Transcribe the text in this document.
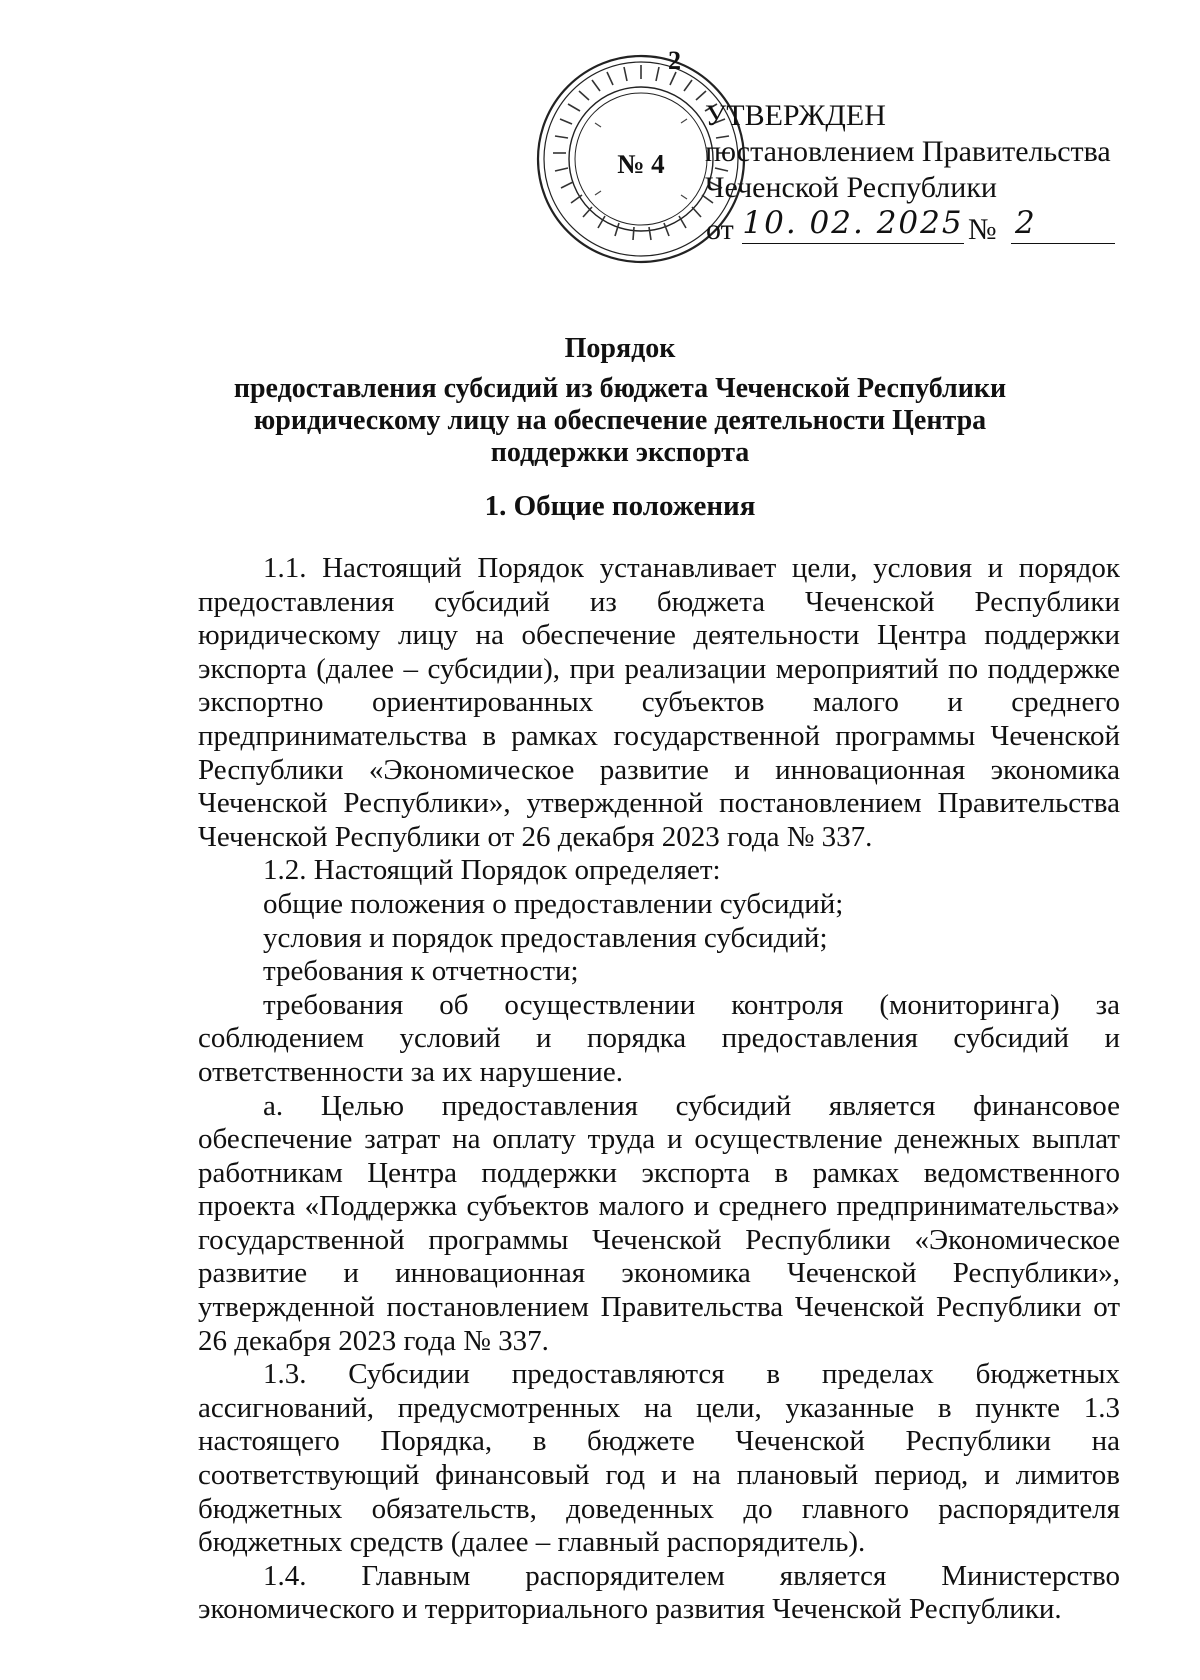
№ 4
2
УТВЕРЖДЕН
постановлением Правительства
Чеченской Республики
от 10. 02. 2025 № 2
Порядок
предоставления субсидий из бюджета Чеченской Республики
юридическому лицу на обеспечение деятельности Центра
поддержки экспорта
1. Общие положения

1.1. Настоящий Порядок устанавливает цели, условия и порядок предоставления субсидий из бюджета Чеченской Республики юридическому лицу на обеспечение деятельности Центра поддержки экспорта (далее – субсидии), при реализации мероприятий по поддержке экспортно ориентированных субъектов малого и среднего предпринимательства в рамках государственной программы Чеченской Республики «Экономическое развитие и инновационная экономика Чеченской Республики», утвержденной постановлением Правительства Чеченской Республики от 26 декабря 2023 года № 337.

1.2. Настоящий Порядок определяет:

общие положения о предоставлении субсидий;

условия и порядок предоставления субсидий;

требования к отчетности;

требования об осуществлении контроля (мониторинга) за соблюдением условий и порядка предоставления субсидий и ответственности за их нарушение.

а. Целью предоставления субсидий является финансовое обеспечение затрат на оплату труда и осуществление денежных выплат работникам Центра поддержки экспорта в рамках ведомственного проекта «Поддержка субъектов малого и среднего предпринимательства» государственной программы Чеченской Республики «Экономическое развитие и инновационная экономика Чеченской Республики», утвержденной постановлением Правительства Чеченской Республики от 26 декабря 2023 года № 337.

1.3. Субсидии предоставляются в пределах бюджетных ассигнований, предусмотренных на цели, указанные в пункте 1.3 настоящего Порядка, в бюджете Чеченской Республики на соответствующий финансовый год и на плановый период, и лимитов бюджетных обязательств, доведенных до главного распорядителя бюджетных средств (далее – главный распорядитель).

1.4. Главным распорядителем является Министерство экономического и территориального развития Чеченской Республики.
